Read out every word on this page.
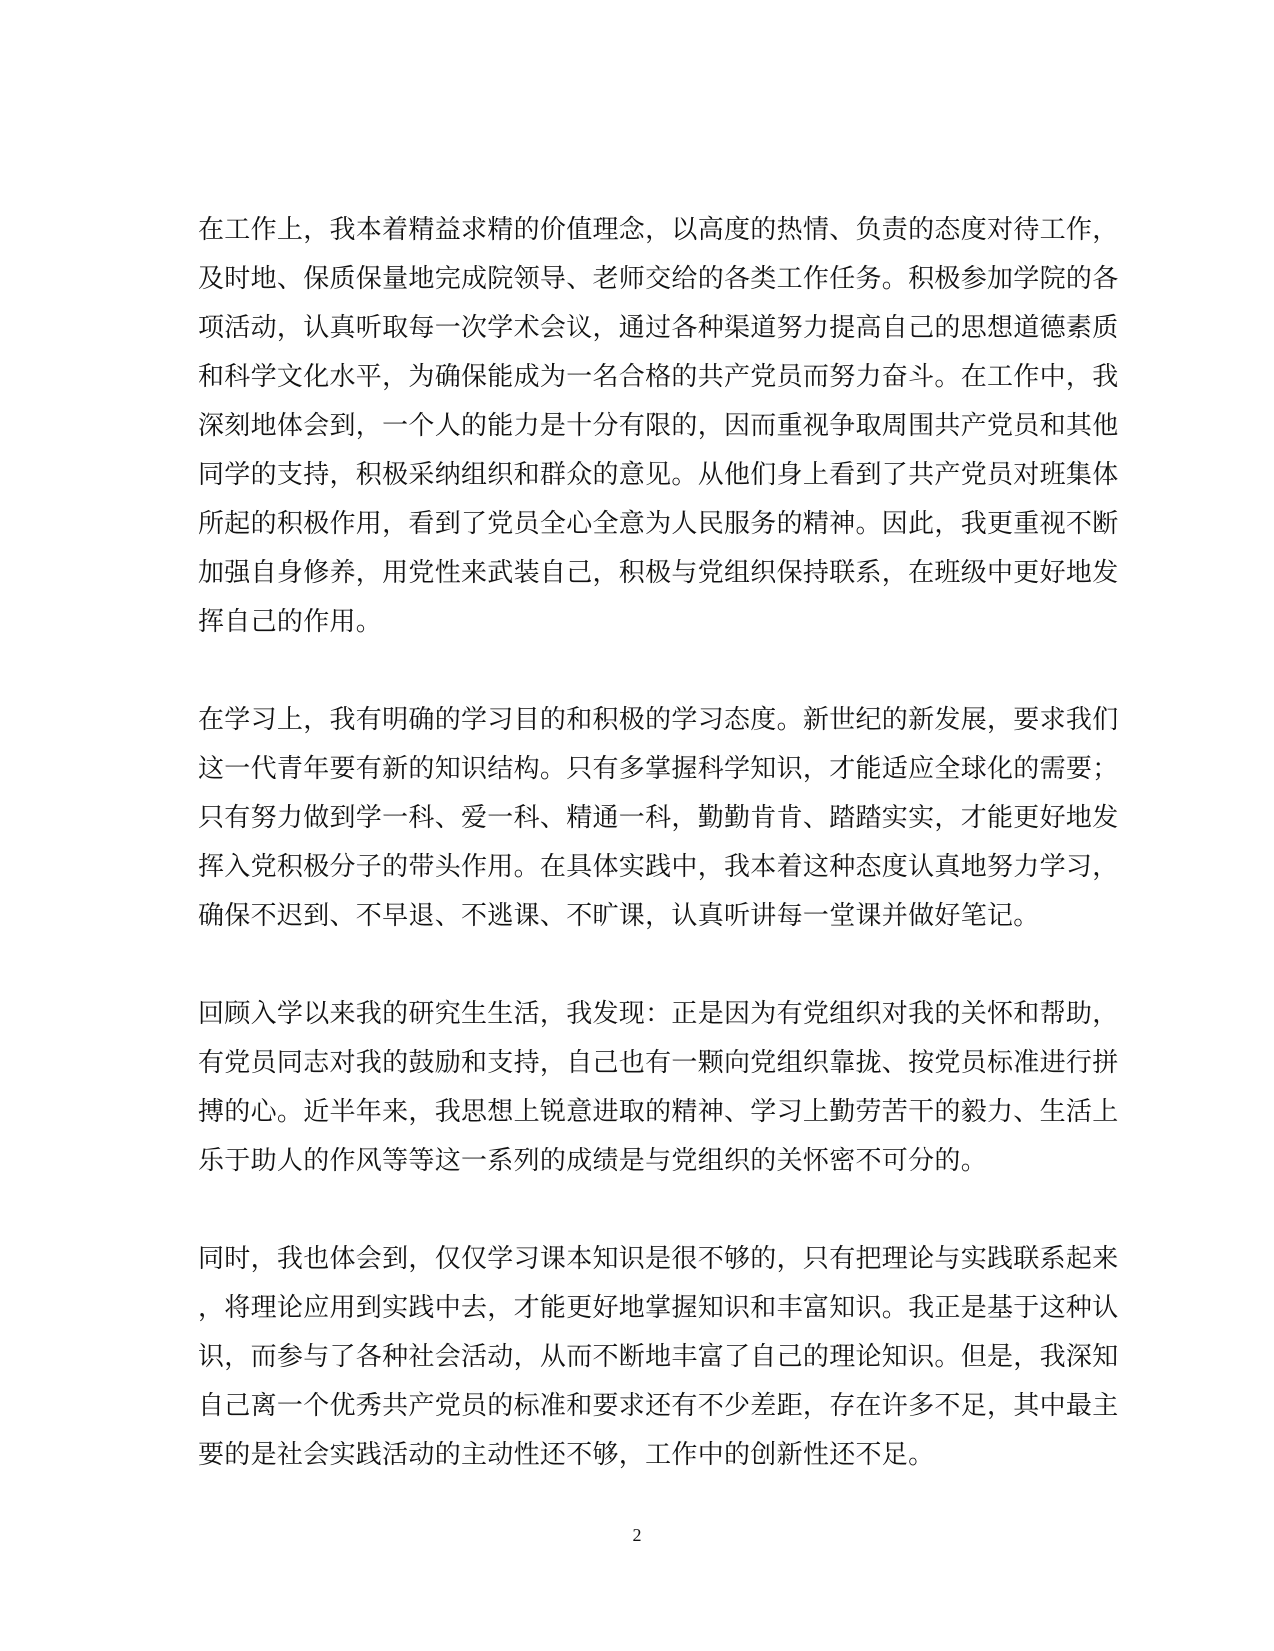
在工作上，我本着精益求精的价值理念，以高度的热情、负责的态度对待工作，
及时地、保质保量地完成院领导、老师交给的各类工作任务。积极参加学院的各
项活动，认真听取每一次学术会议，通过各种渠道努力提高自己的思想道德素质
和科学文化水平，为确保能成为一名合格的共产党员而努力奋斗。在工作中，我
深刻地体会到，一个人的能力是十分有限的，因而重视争取周围共产党员和其他
同学的支持，积极采纳组织和群众的意见。从他们身上看到了共产党员对班集体
所起的积极作用，看到了党员全心全意为人民服务的精神。因此，我更重视不断
加强自身修养，用党性来武装自己，积极与党组织保持联系，在班级中更好地发
挥自己的作用。
在学习上，我有明确的学习目的和积极的学习态度。新世纪的新发展，要求我们
这一代青年要有新的知识结构。只有多掌握科学知识，才能适应全球化的需要；
只有努力做到学一科、爱一科、精通一科，勤勤肯肯、踏踏实实，才能更好地发
挥入党积极分子的带头作用。在具体实践中，我本着这种态度认真地努力学习，
确保不迟到、不早退、不逃课、不旷课，认真听讲每一堂课并做好笔记。
回顾入学以来我的研究生生活，我发现：正是因为有党组织对我的关怀和帮助，
有党员同志对我的鼓励和支持，自己也有一颗向党组织靠拢、按党员标准进行拼
搏的心。近半年来，我思想上锐意进取的精神、学习上勤劳苦干的毅力、生活上
乐于助人的作风等等这一系列的成绩是与党组织的关怀密不可分的。
同时，我也体会到，仅仅学习课本知识是很不够的，只有把理论与实践联系起来
，将理论应用到实践中去，才能更好地掌握知识和丰富知识。我正是基于这种认
识，而参与了各种社会活动，从而不断地丰富了自己的理论知识。但是，我深知
自己离一个优秀共产党员的标准和要求还有不少差距，存在许多不足，其中最主
要的是社会实践活动的主动性还不够，工作中的创新性还不足。
2
